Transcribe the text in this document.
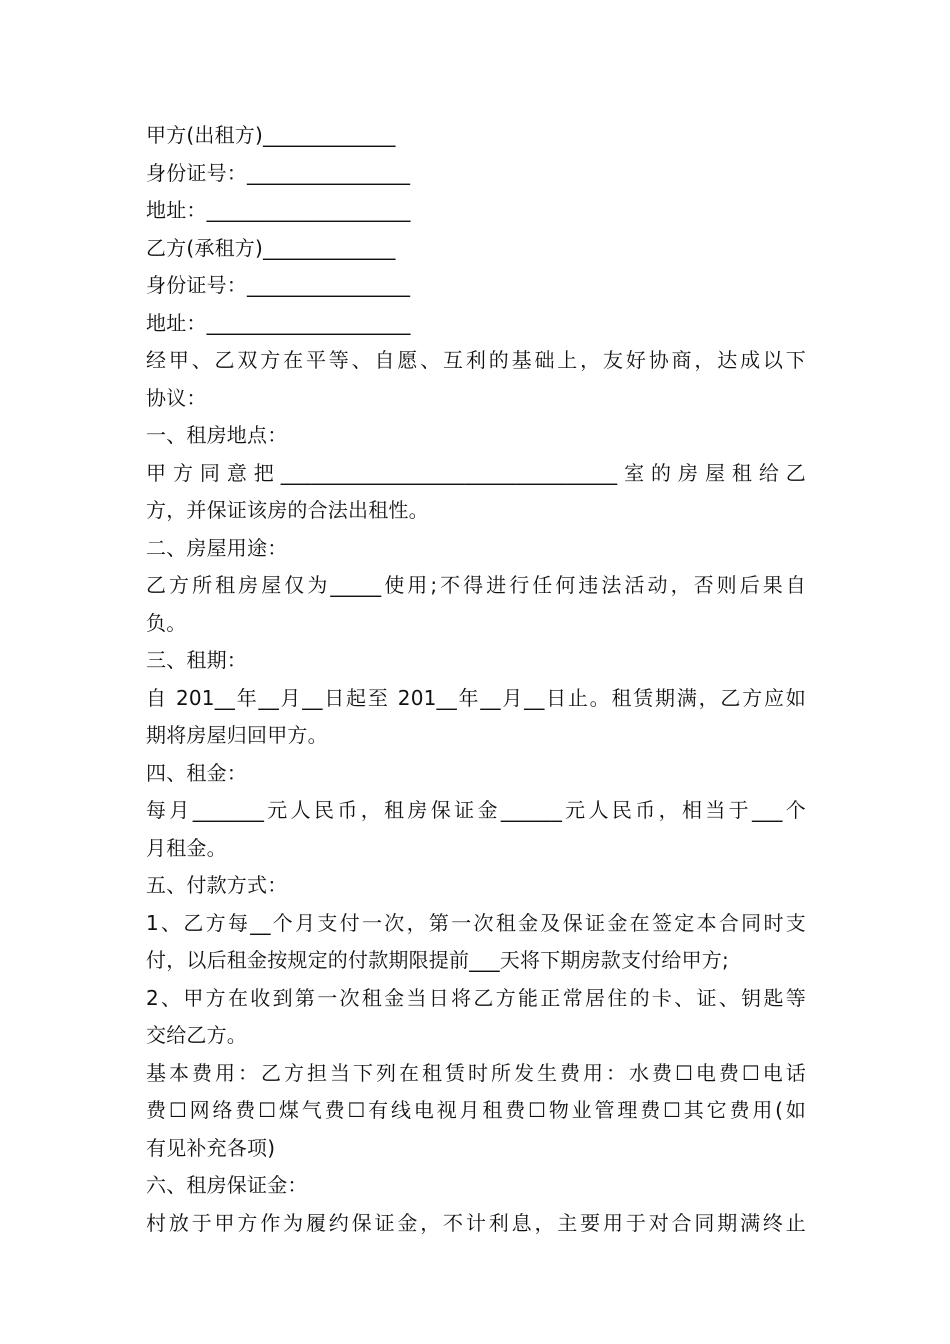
甲方(出租方)_____________
身份证号：________________
地址：____________________
乙方(承租方)_____________
身份证号：________________
地址：____________________
经甲、乙双方在平等、自愿、互利的基础上，友好协商，达成以下
协议：
一、租房地点：
甲方同意把_________________________________室的房屋租给乙
方，并保证该房的合法出租性。
二、房屋用途：
乙方所租房屋仅为_____使用;不得进行任何违法活动，否则后果自
负。
三、租期：
自 201__年__月__日起至 201__年__月__日止。租赁期满，乙方应如
期将房屋归回甲方。
四、租金：
每月_______元人民币，租房保证金______元人民币，相当于___个
月租金。
五、付款方式：
1、乙方每__个月支付一次，第一次租金及保证金在签定本合同时支
付，以后租金按规定的付款期限提前___天将下期房款支付给甲方;
2、甲方在收到第一次租金当日将乙方能正常居住的卡、证、钥匙等
交给乙方。
基本费用：乙方担当下列在租赁时所发生费用：水费☐电费☐电话
费☐网络费☐煤气费☐有线电视月租费☐物业管理费☐其它费用(如
有见补充各项)
六、租房保证金：
村放于甲方作为履约保证金，不计利息，主要用于对合同期满终止
